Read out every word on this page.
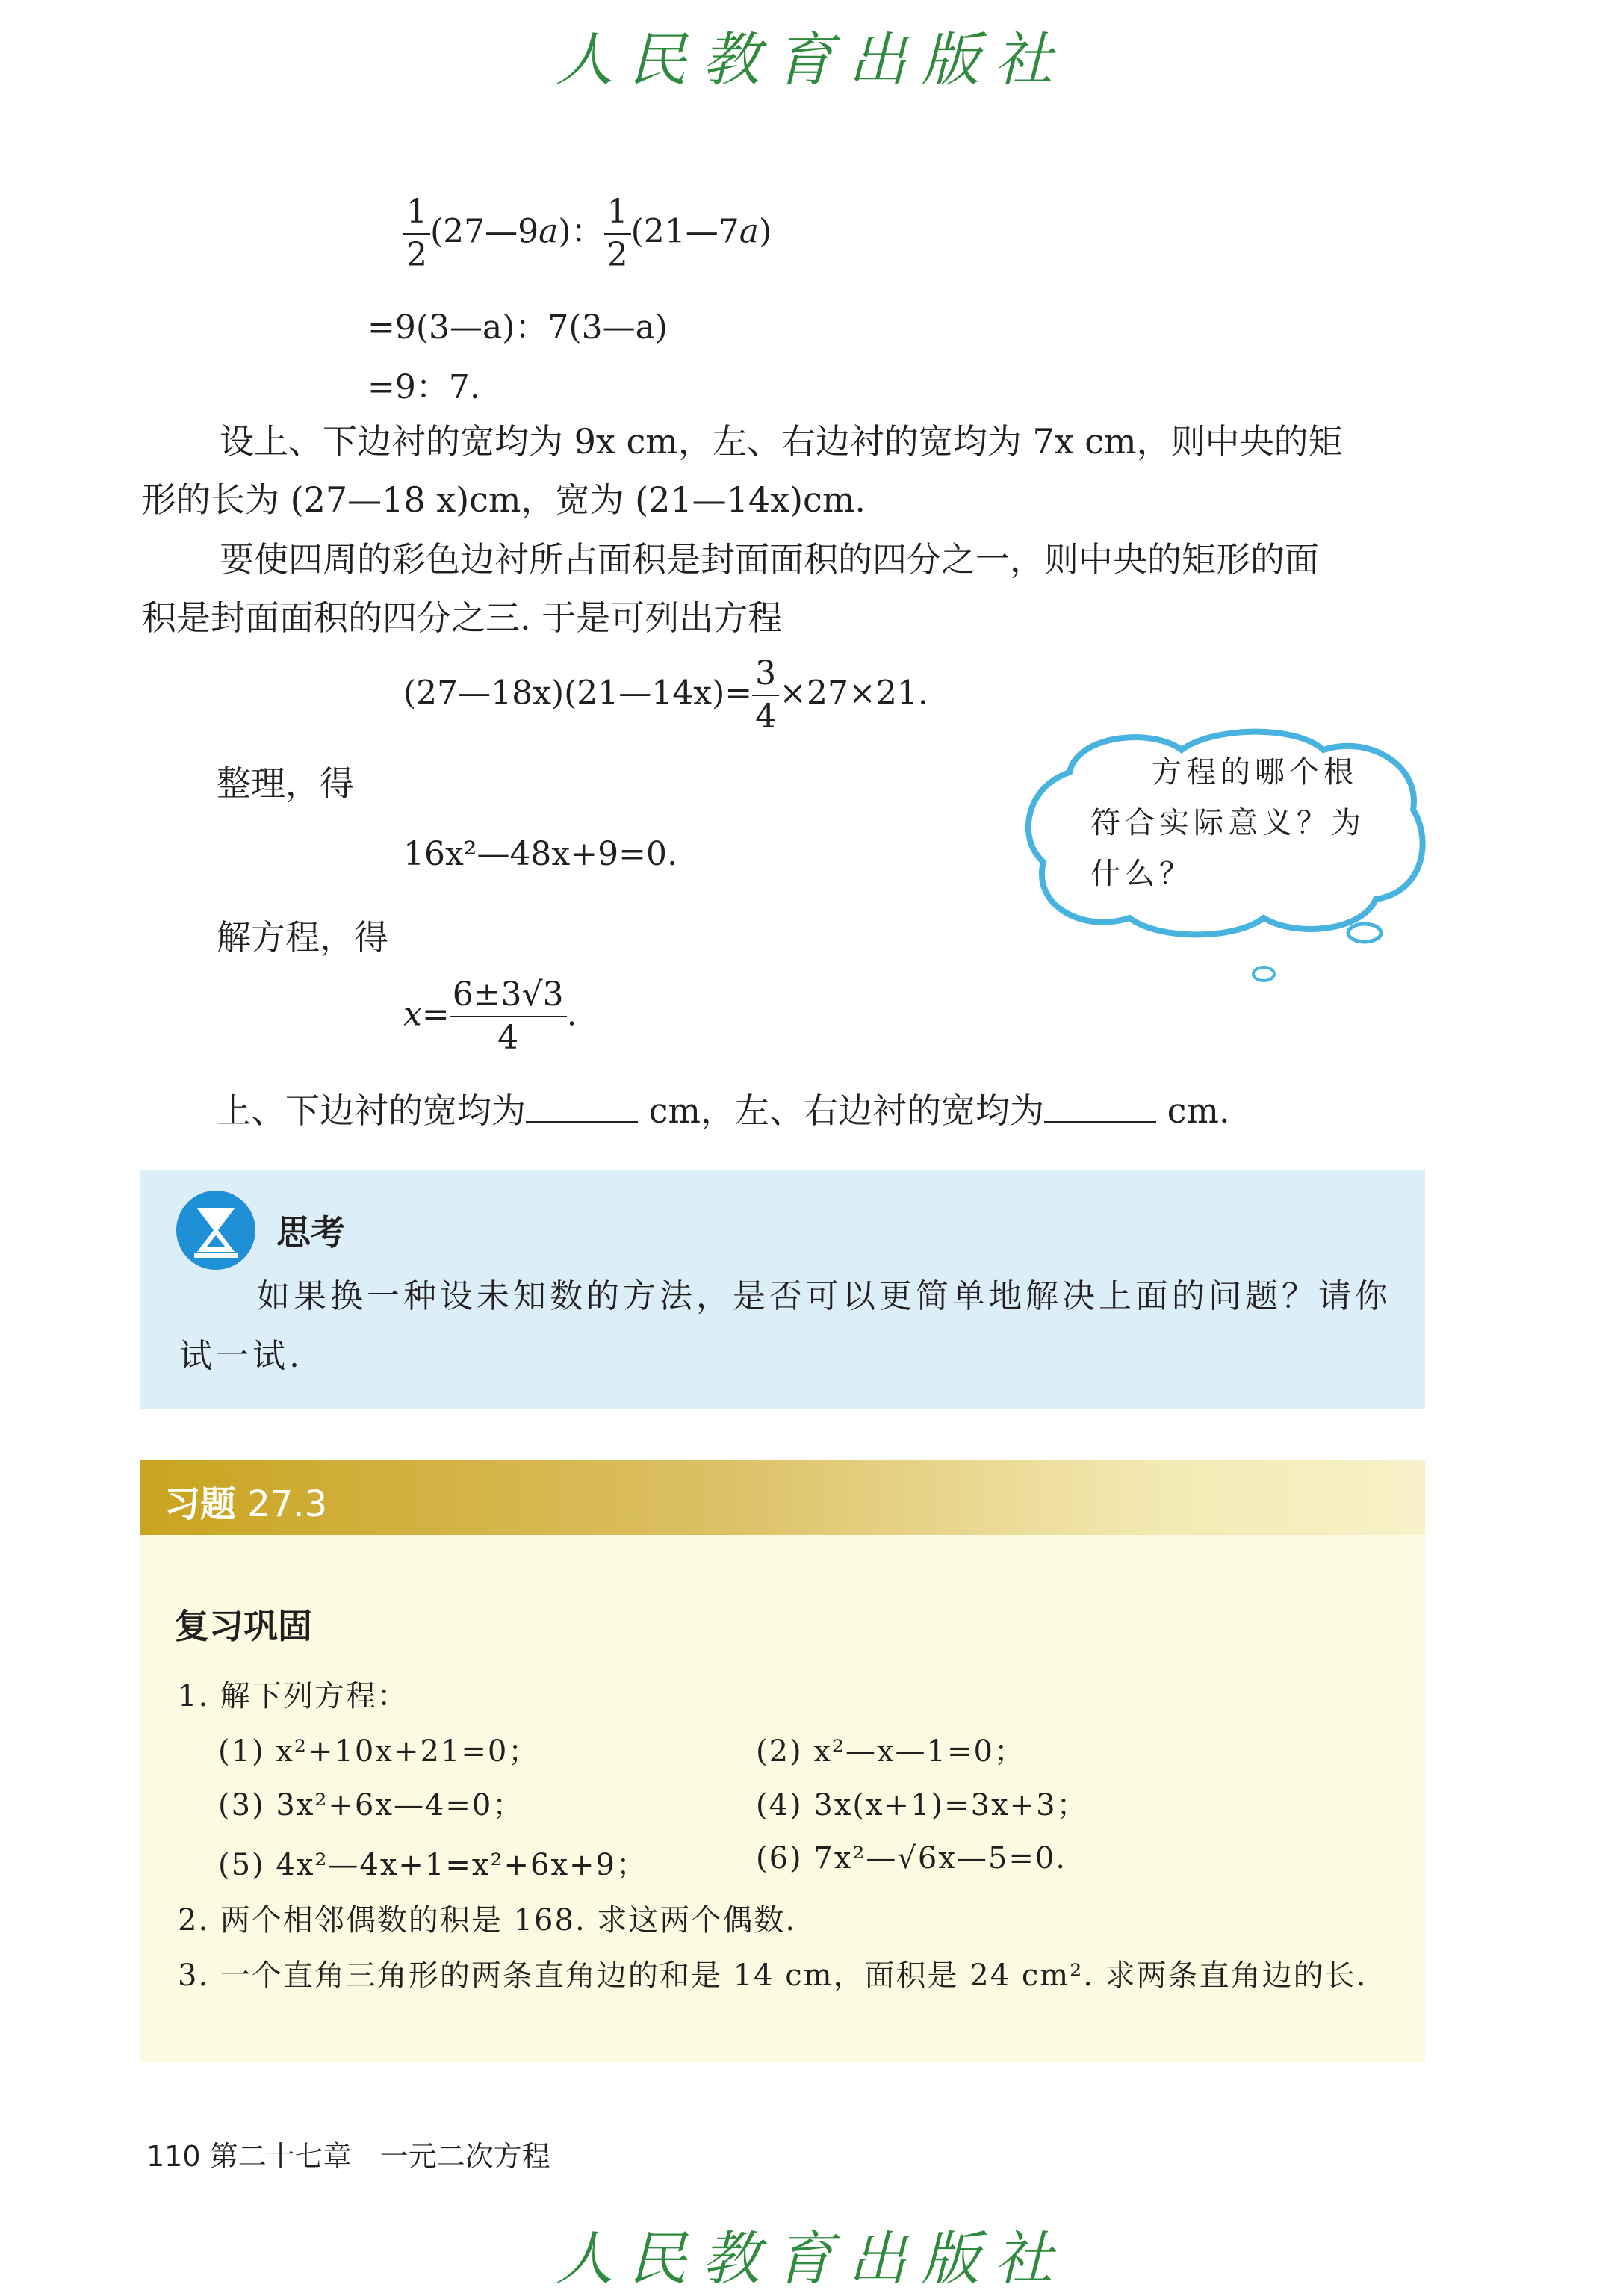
人民教育出版社
$\frac{1}{2}$ (27—9a)： $\frac{1}{2}$ (21—7a)
=9(3—a)：7(3—a)
=9：7.
设上、下边衬的宽均为 9x cm，左、右边衬的宽均为 7x cm，则中央的矩
形的长为 (27—18 x)cm，宽为 (21—14x)cm.
要使四周的彩色边衬所占面积是封面面积的四分之一，则中央的矩形的面
积是封面面积的四分之三. 于是可列出方程
(27—18x)(21—14x)= $\frac{3}{4} \times 27\times 21$.
整理，得
16x²—48x+9=0.
解方程，得
$x= \frac{6\pm 3√3}{4}$ .
上、下边衬的宽均为	cm，左、右边衬的宽均为	cm.
方程的哪个根符合实际意义？为什么？
思考
如果换一种设未知数的方法，是否可以更简单地解决上面的问题？请你试一试.
习题 27.3
复习巩固
1. 解下列方程：
(1) x²+10x+21=0；	(2) x²—x—1=0；
(3) 3x²+6x—4=0；	(4) 3x(x+1)=3x+3；
(5) 4x²—4x+1=x²+6x+9；	(6) 7x²—√6x—5=0.
2. 两个相邻偶数的积是 168. 求这两个偶数.
3. 一个直角三角形的两条直角边的和是 14 cm，面积是 24 cm². 求两条直角边的长.
110 第二十七章　一元二次方程
人民教育出版社
